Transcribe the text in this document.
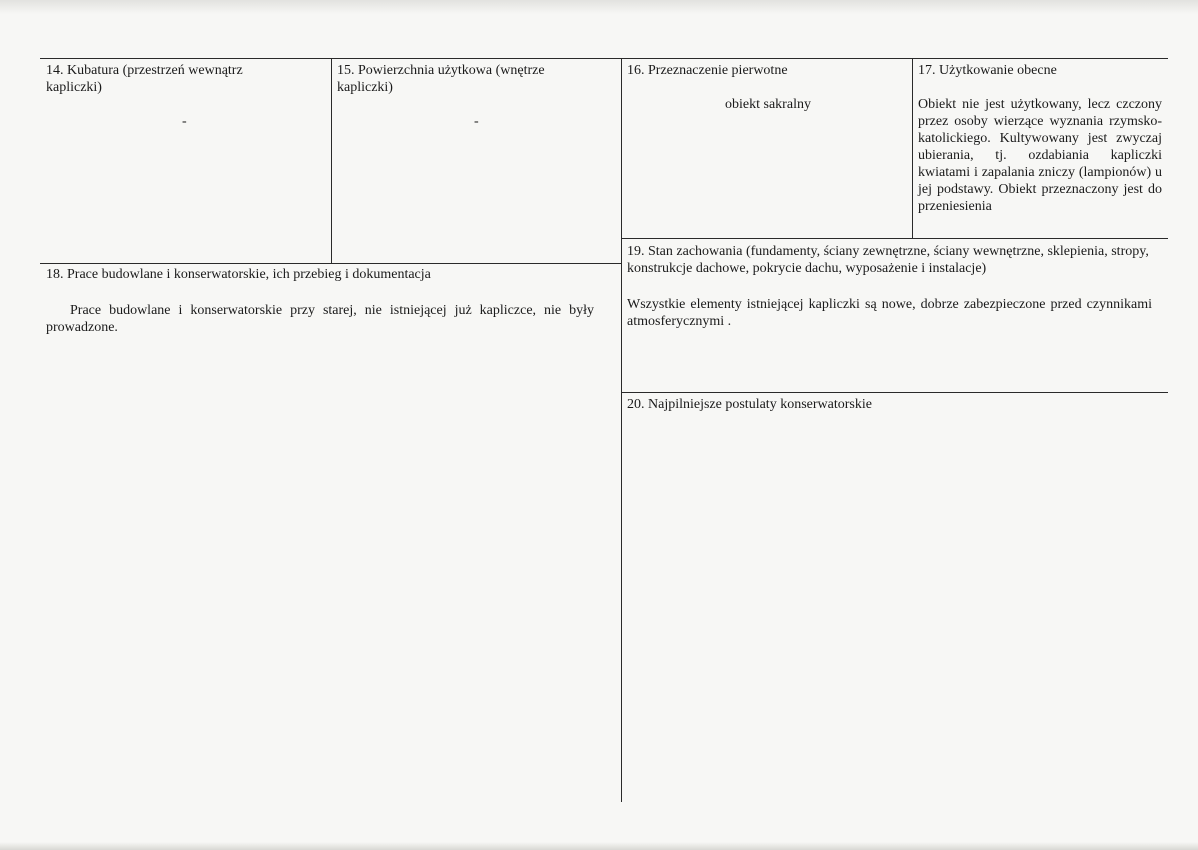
14. Kubatura (przestrzeń wewnątrz kapliczki)

-

15. Powierzchnia użytkowa (wnętrze kapliczki)

-

16. Przeznaczenie pierwotne

obiekt sakralny

17. Użytkowanie obecne

Obiekt nie jest użytkowany, lecz czczony przez osoby wierzące wyznania rzymsko-katolickiego. Kultywowany jest zwyczaj ubierania, tj. ozdabiania kapliczki kwiatami i zapalania zniczy (lampionów) u jej podstawy. Obiekt przeznaczony jest do przeniesienia

19. Stan zachowania (fundamenty, ściany zewnętrzne, ściany wewnętrzne, sklepienia, stropy, konstrukcje dachowe, pokrycie dachu, wyposażenie i instalacje)

Wszystkie elementy istniejącej kapliczki są nowe, dobrze zabezpieczone przed czynnikami atmosferycznymi .

18. Prace budowlane i konserwatorskie, ich przebieg i dokumentacja

Prace budowlane i konserwatorskie przy starej, nie istniejącej już kapliczce, nie były prowadzone.

20. Najpilniejsze postulaty konserwatorskie
